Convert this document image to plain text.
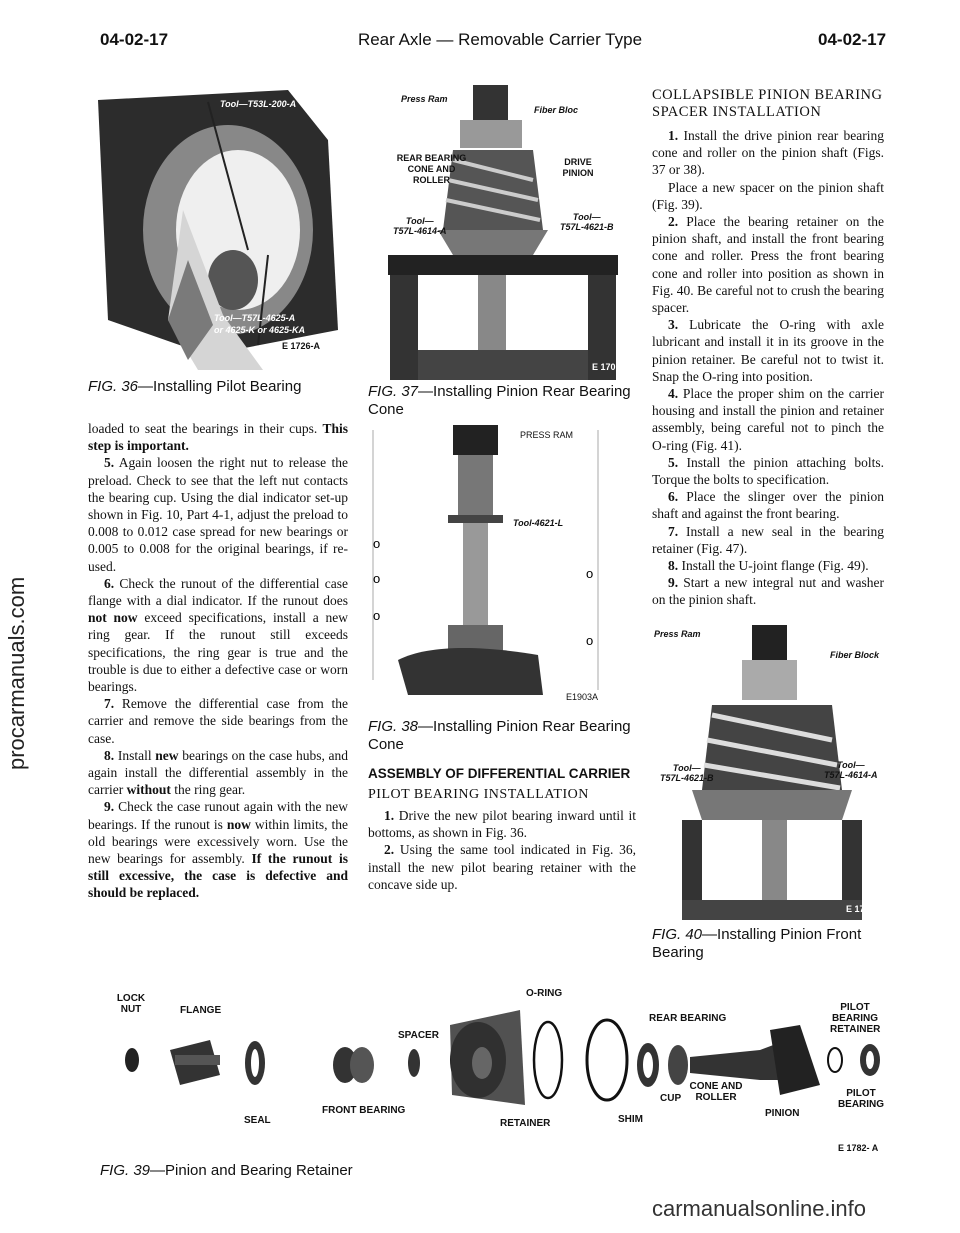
04-02-17	Rear Axle — Removable Carrier Type	04-02-17
procarmanuals.com
Tool—T53L-200-A
Tool—T57L-4625-A
or 4625-K or 4625-KA
E 1726-A
FIG. 36—Installing Pilot Bearing

loaded to seat the bearings in their cups. This step is important.

5. Again loosen the right nut to release the preload. Check to see that the left nut contacts the bearing cup. Using the dial indicator set-up shown in Fig. 10, Part 4-1, adjust the preload to 0.008 to 0.012 case spread for new bearings or 0.005 to 0.008 for the original bearings, if re-used.

6. Check the runout of the differential case flange with a dial indicator. If the runout does not now exceed specifications, install a new ring gear. If the runout still exceeds specifications, the ring gear is true and the trouble is due to either a defective case or worn bearings.

7. Remove the differential case from the carrier and remove the side bearings from the case.

8. Install new bearings on the case hubs, and again install the differential assembly in the carrier without the ring gear.

9. Check the case runout again with the new bearings. If the runout is now within limits, the old bearings were excessively worn. Use the new bearings for assembly. If the runout is still excessive, the case is defective and should be replaced.

Press Ram
Fiber Bloc
REAR BEARING
CONE AND
ROLLER
DRIVE
PINION
Tool—
T57L-4614-A
Tool—
T57L-4621-B
E 1701-A
FIG. 37—Installing Pinion Rear Bearing Cone
o
o
o
o
o
PRESS RAM
Tool-4621-L
E1903A
FIG. 38—Installing Pinion Rear Bearing Cone
ASSEMBLY OF DIFFERENTIAL CARRIER
PILOT BEARING INSTALLATION

1. Drive the new pilot bearing inward until it bottoms, as shown in Fig. 36.

2. Using the same tool indicated in Fig. 36, install the new pilot bearing retainer with the concave side up.

COLLAPSIBLE PINION BEARING SPACER INSTALLATION

1. Install the drive pinion rear bearing cone and roller on the pinion shaft (Figs. 37 or 38).

Place a new spacer on the pinion shaft (Fig. 39).

2. Place the bearing retainer on the pinion shaft, and install the front bearing cone and roller. Press the front bearing cone and roller into position as shown in Fig. 40. Be careful not to crush the bearing spacer.

3. Lubricate the O-ring with axle lubricant and install it in its groove in the pinion retainer. Be careful not to twist it. Snap the O-ring into position.

4. Place the proper shim on the carrier housing and install the pinion and retainer assembly, being careful not to pinch the O-ring (Fig. 41).

5. Install the pinion attaching bolts. Torque the bolts to specification.

6. Place the slinger over the pinion shaft and against the front bearing.

7. Install a new seal in the bearing retainer (Fig. 47).

8. Install the U-joint flange (Fig. 49).

9. Start a new integral nut and washer on the pinion shaft.

Press Ram
Fiber Block
Tool—
T57L-4621-B
Tool—
T57L-4614-A
E 1712-A
FIG. 40—Installing Pinion Front Bearing
LOCK
NUT	FLANGE
SEAL
SPACER
FRONT BEARING
O-RING
RETAINER	SHIM
REAR BEARING
CUP
CONE AND
ROLLER
PINION
PILOT
BEARING
RETAINER
PILOT
BEARING
E 1782- A
FIG. 39—Pinion and Bearing Retainer
carmanualsonline.info
